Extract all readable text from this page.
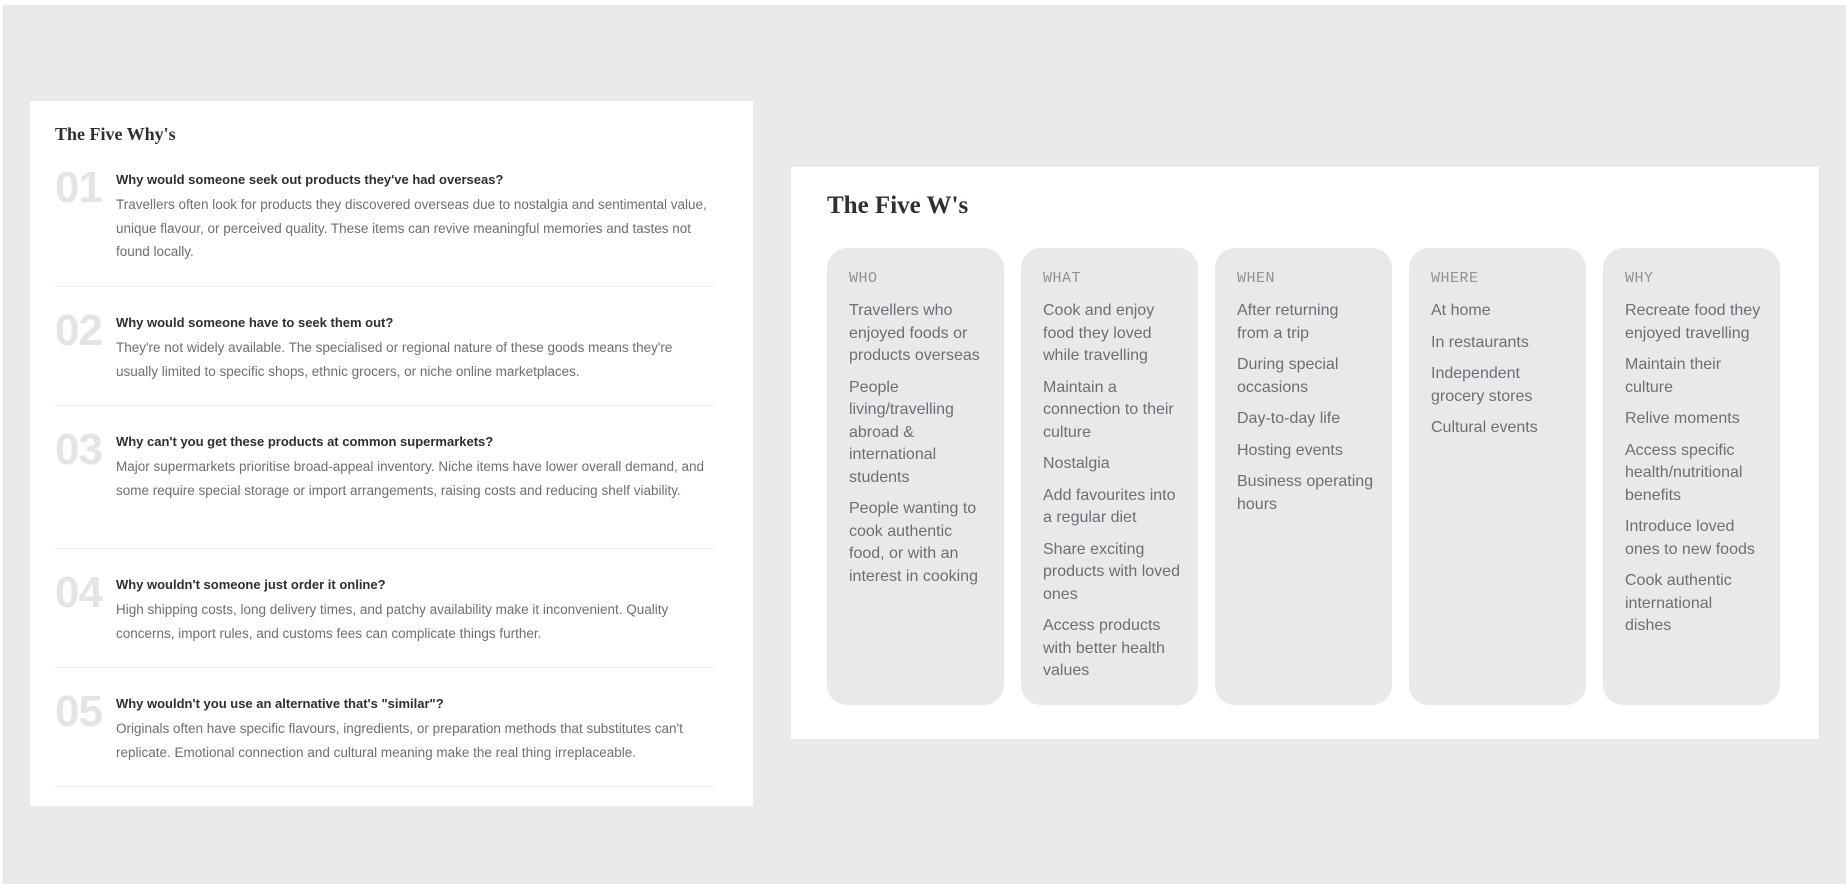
The Five Why's
01 Why would someone seek out products they've had overseas?
Travellers often look for products they discovered overseas due to nostalgia and sentimental value, unique flavour, or perceived quality. These items can revive meaningful memories and tastes not found locally.
02 Why would someone have to seek them out?
They're not widely available. The specialised or regional nature of these goods means they're usually limited to specific shops, ethnic grocers, or niche online marketplaces.
03 Why can't you get these products at common supermarkets?
Major supermarkets prioritise broad-appeal inventory. Niche items have lower overall demand, and some require special storage or import arrangements, raising costs and reducing shelf viability.
04 Why wouldn't someone just order it online?
High shipping costs, long delivery times, and patchy availability make it inconvenient. Quality concerns, import rules, and customs fees can complicate things further.
05 Why wouldn't you use an alternative that's "similar"?
Originals often have specific flavours, ingredients, or preparation methods that substitutes can't replicate. Emotional connection and cultural meaning make the real thing irreplaceable.
The Five W's
WHO
Travellers who enjoyed foods or products overseas
People living/travelling abroad & international students
People wanting to cook authentic food, or with an interest in cooking
WHAT
Cook and enjoy food they loved while travelling
Maintain a connection to their culture
Nostalgia
Add favourites into a regular diet
Share exciting products with loved ones
Access products with better health values
WHEN
After returning from a trip
During special occasions
Day-to-day life
Hosting events
Business operating hours
WHERE
At home
In restaurants
Independent grocery stores
Cultural events
WHY
Recreate food they enjoyed travelling
Maintain their culture
Relive moments
Access specific health/nutritional benefits
Introduce loved ones to new foods
Cook authentic international dishes
